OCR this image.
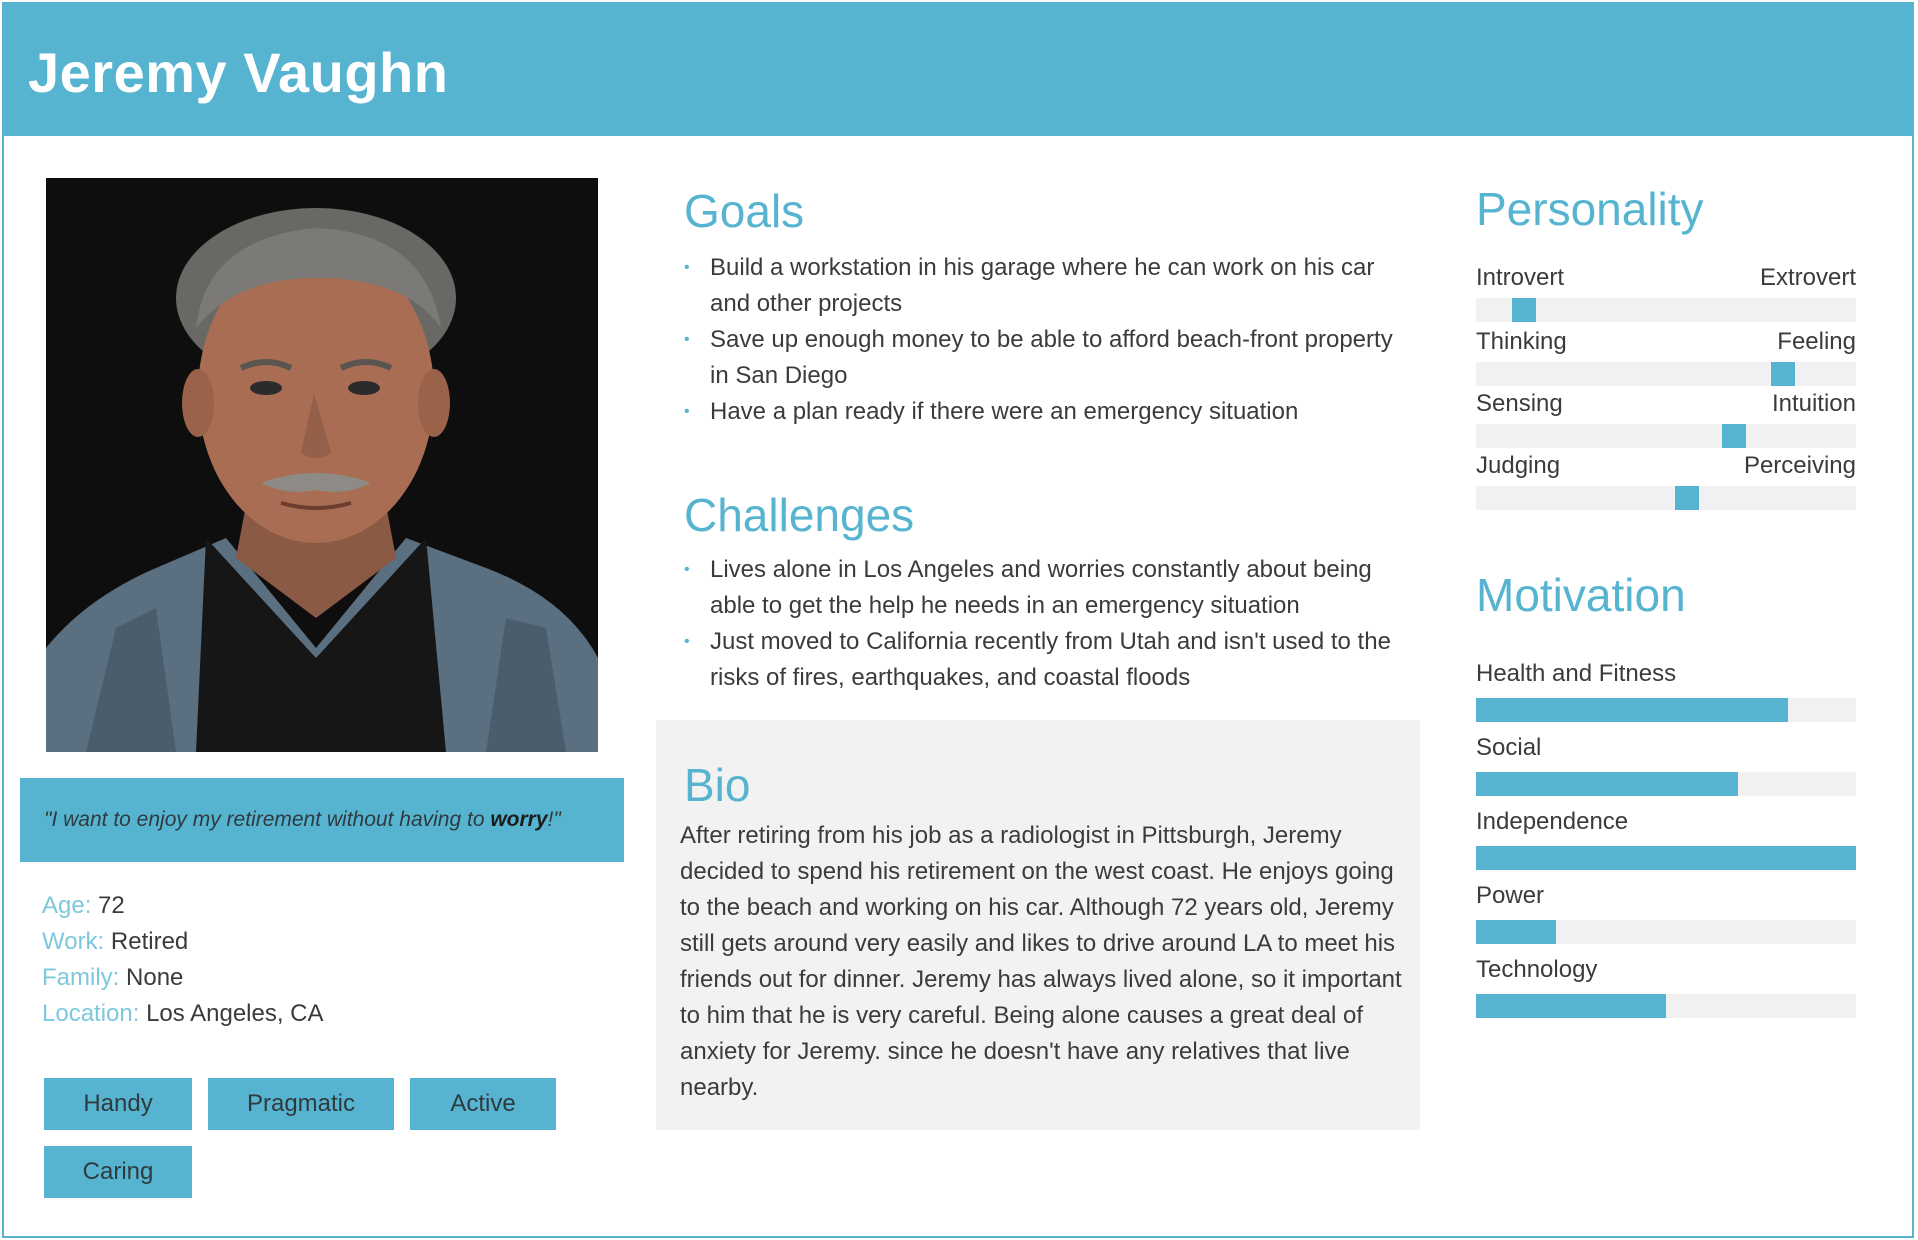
Jeremy Vaughn

"I want to enjoy my retirement without having to worry!"

Age: 72
Work: Retired
Family: None
Location: Los Angeles, CA
Handy	Pragmatic	Active
Caring
Goals
• Build a workstation in his garage where he can work on his car and other projects
• Save up enough money to be able to afford beach-front property in San Diego
• Have a plan ready if there were an emergency situation
Challenges
• Lives alone in Los Angeles and worries constantly about being able to get the help he needs in an emergency situation
• Just moved to California recently from Utah and isn't used to the risks of fires, earthquakes, and coastal floods
Bio

After retiring from his job as a radiologist in Pittsburgh, Jeremy decided to spend his retirement on the west coast. He enjoys going to the beach and working on his car. Although 72 years old, Jeremy still gets around very easily and likes to drive around LA to meet his friends out for dinner. Jeremy has always lived alone, so it important to him that he is very careful. Being alone causes a great deal of anxiety for Jeremy. since he doesn't have any relatives that live nearby.

Personality
Introvert	Extrovert
Thinking	Feeling
Sensing	Intuition
Judging	Perceiving
Motivation
Health and Fitness
Social
Independence
Power
Technology
